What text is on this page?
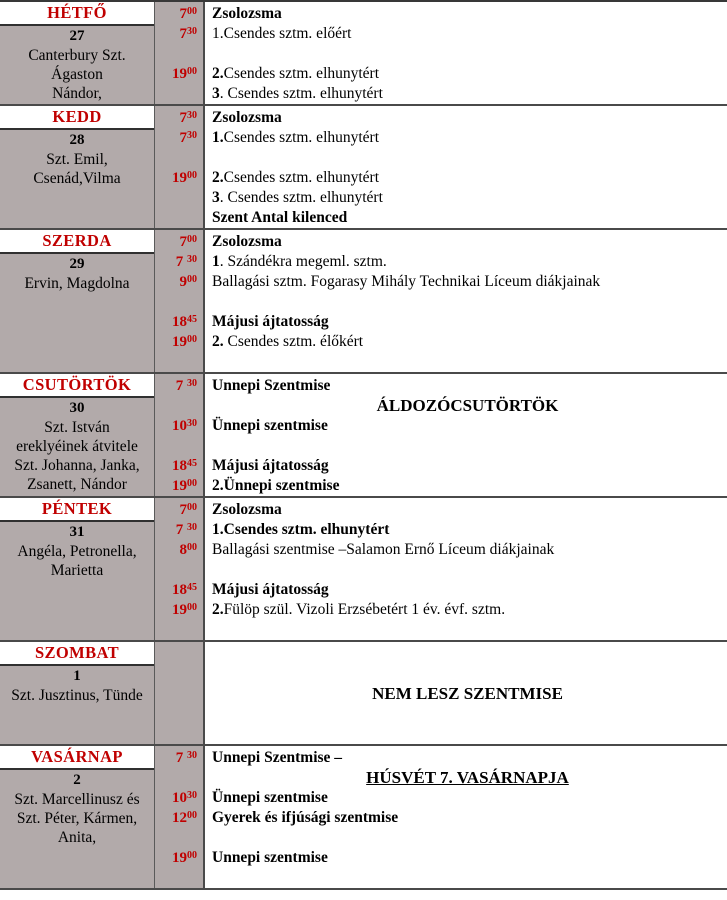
HÉTFŐ
27
Canterbury Szt.
Ágaston
Nándor,
$7^{00}$
$7^{30}$

$19^{00}$

Zsolozsma
1.Csendes sztm. előért

2.Csendes sztm. elhunytért
3. Csendes sztm. elhunytért
KEDD
28
Szt. Emil,
Csenád,Vilma
$7^{30}$
$7^{30}$

$19^{00}$

Zsolozsma
1.Csendes sztm. elhunytért

2.Csendes sztm. elhunytért
3. Csendes sztm. elhunytért
Szent Antal kilenced
SZERDA
29
Ervin, Magdolna
$7^{00}$
7 $^{30}$
$9^{00}$

$18^{45}$
$19^{00}$

Zsolozsma
1. Szándékra megeml. sztm.
Ballagási sztm. Fogarasy Mihály Technikai Líceum diákjainak

Májusi ájtatosság
2. Csendes sztm. élőkért

CSUTÖRTÖK
30
Szt. István
ereklyéinek átvitele
Szt. Johanna, Janka,
Zsanett, Nándor
7 $^{30}$

$10^{30}$

$18^{45}$
$19^{00}$
Unnepi Szentmise
ÁLDOZÓCSUTÖRTÖK
Ünnepi szentmise

Májusi ájtatosság
2.Ünnepi szentmise
PÉNTEK
31
Angéla, Petronella,
Marietta
$7^{00}$
7 $^{30}$
$8^{00}$

$18^{45}$
$19^{00}$

Zsolozsma
1.Csendes sztm. elhunytért
Ballagási szentmise –Salamon Ernő Líceum diákjainak

Májusi ájtatosság
2.Fülöp szül. Vizoli Erzsébetért 1 év. évf. sztm.

SZOMBAT
1
Szt. Jusztinus, Tünde

	NEM LESZ SZENTMISE

VASÁRNAP
2
Szt. Marcellinusz és
Szt. Péter, Kármen,
Anita,
7 $^{30}$

$10^{30}$
$12^{00}$

$19^{00}$

Unnepi Szentmise –
HÚSVÉT 7. VASÁRNAPJA
Ünnepi szentmise
Gyerek és ifjúsági szentmise

Unnepi szentmise
